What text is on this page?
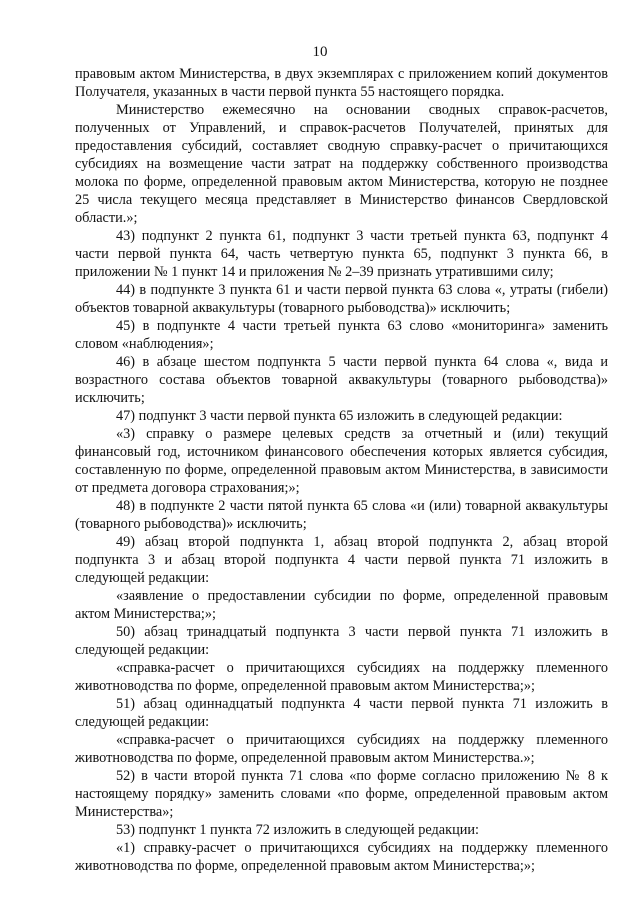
10

правовым актом Министерства, в двух экземплярах с приложением копий документов Получателя, указанных в части первой пункта 55 настоящего порядка.

Министерство ежемесячно на основании сводных справок-расчетов, полученных от Управлений, и справок-расчетов Получателей, принятых для предоставления субсидий, составляет сводную справку-расчет о причитающихся субсидиях на возмещение части затрат на поддержку собственного производства молока по форме, определенной правовым актом Министерства, которую не позднее 25 числа текущего месяца представляет в Министерство финансов Свердловской области.»;

43) подпункт 2 пункта 61, подпункт 3 части третьей пункта 63, подпункт 4 части первой пункта 64, часть четвертую пункта 65, подпункт 3 пункта 66, в приложении № 1 пункт 14 и приложения № 2–39 признать утратившими силу;

44) в подпункте 3 пункта 61 и части первой пункта 63 слова «, утраты (гибели) объектов товарной аквакультуры (товарного рыбоводства)» исключить;

45) в подпункте 4 части третьей пункта 63 слово «мониторинга» заменить словом «наблюдения»;

46) в абзаце шестом подпункта 5 части первой пункта 64 слова «, вида и возрастного состава объектов товарной аквакультуры (товарного рыбоводства)» исключить;

47) подпункт 3 части первой пункта 65 изложить в следующей редакции:

«3) справку о размере целевых средств за отчетный и (или) текущий финансовый год, источником финансового обеспечения которых является субсидия, составленную по форме, определенной правовым актом Министерства, в зависимости от предмета договора страхования;»;

48) в подпункте 2 части пятой пункта 65 слова «и (или) товарной аквакультуры (товарного рыбоводства)» исключить;

49) абзац второй подпункта 1, абзац второй подпункта 2, абзац второй подпункта 3 и абзац второй подпункта 4 части первой пункта 71 изложить в следующей редакции:

«заявление о предоставлении субсидии по форме, определенной правовым актом Министерства;»;

50) абзац тринадцатый подпункта 3 части первой пункта 71 изложить в следующей редакции:

«справка-расчет о причитающихся субсидиях на поддержку племенного животноводства по форме, определенной правовым актом Министерства;»;

51) абзац одиннадцатый подпункта 4 части первой пункта 71 изложить в следующей редакции:

«справка-расчет о причитающихся субсидиях на поддержку племенного животноводства по форме, определенной правовым актом Министерства.»;

52) в части второй пункта 71 слова «по форме согласно приложению № 8 к настоящему порядку» заменить словами «по форме, определенной правовым актом Министерства»;

53) подпункт 1 пункта 72 изложить в следующей редакции:

«1) справку-расчет о причитающихся субсидиях на поддержку племенного животноводства по форме, определенной правовым актом Министерства;»;
